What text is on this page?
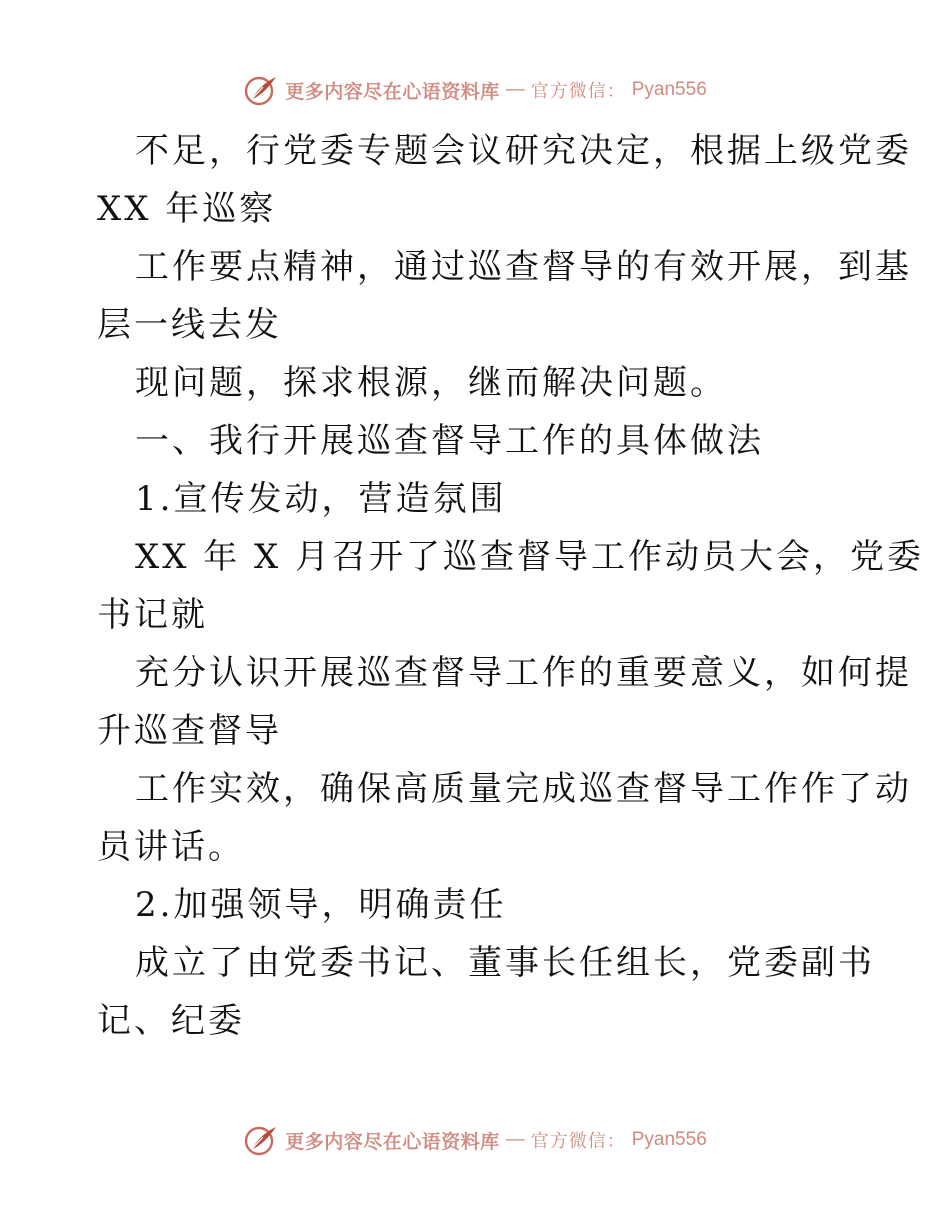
更多内容尽在心语资料库 — 官方微信： Pyan556

不足，行党委专题会议研究决定，根据上级党委

XX 年巡察

工作要点精神，通过巡查督导的有效开展，到基

层一线去发

现问题，探求根源，继而解决问题。

一、我行开展巡查督导工作的具体做法

1.宣传发动，营造氛围

XX 年 X 月召开了巡查督导工作动员大会，党委

书记就

充分认识开展巡查督导工作的重要意义，如何提

升巡查督导

工作实效，确保高质量完成巡查督导工作作了动

员讲话。

2.加强领导，明确责任

成立了由党委书记、董事长任组长，党委副书

记、纪委

更多内容尽在心语资料库 — 官方微信： Pyan556
